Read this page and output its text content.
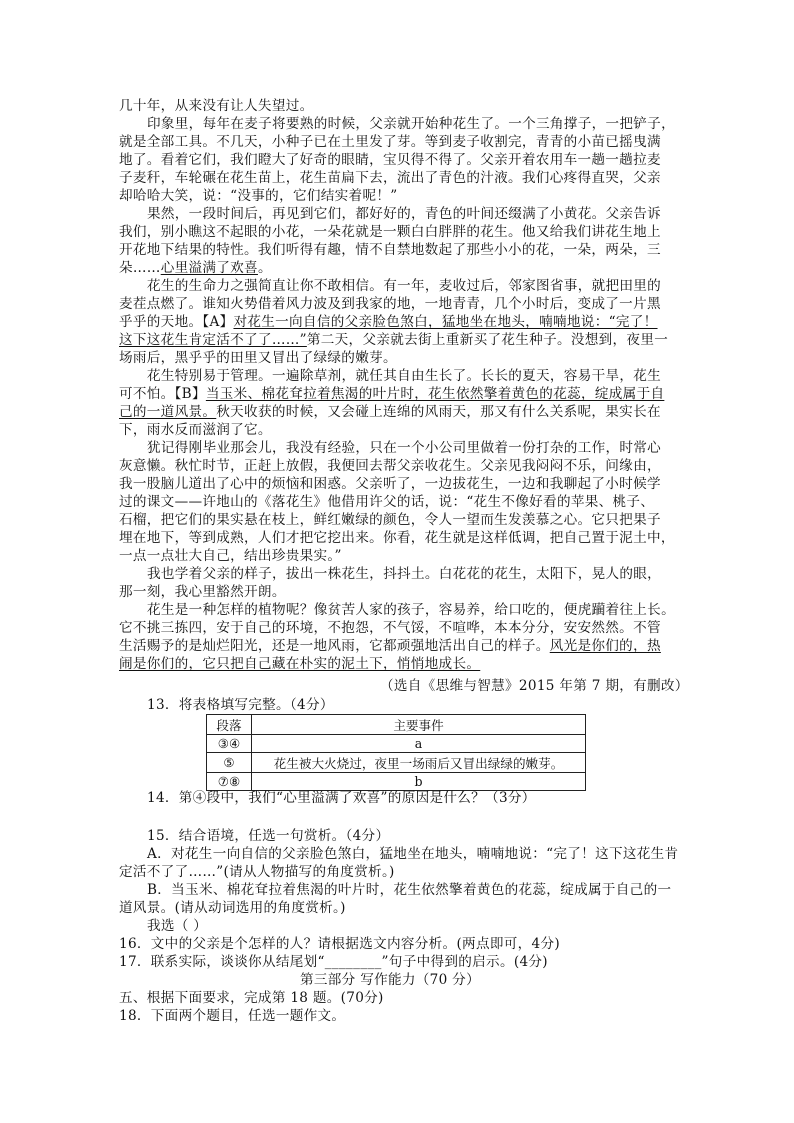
几十年，从来没有让人失望过。
印象里，每年在麦子将要熟的时候，父亲就开始种花生了。一个三角撑子，一把铲子，
就是全部工具。不几天，小种子已在土里发了芽。等到麦子收割完，青青的小苗已摇曳满
地了。看着它们，我们瞪大了好奇的眼睛，宝贝得不得了。父亲开着农用车一趟一趟拉麦
子麦秆，车轮碾在花生苗上，花生苗扁下去，流出了青色的汁液。我们心疼得直哭，父亲
却哈哈大笑，说：“没事的，它们结实着呢！”
果然，一段时间后，再见到它们，都好好的，青色的叶间还缀满了小黄花。父亲告诉
我们，别小瞧这不起眼的小花，一朵花就是一颗白白胖胖的花生。他又给我们讲花生地上
开花地下结果的特性。我们听得有趣，情不自禁地数起了那些小小的花，一朵，两朵，三
朵……心里溢满了欢喜。
花生的生命力之强简直让你不敢相信。有一年，麦收过后，邻家图省事，就把田里的
麦茬点燃了。谁知火势借着风力波及到我家的地，一地青青，几个小时后，变成了一片黑
乎乎的天地。【A】对花生一向自信的父亲脸色煞白，猛地坐在地头，喃喃地说：“完了！
这下这花生肯定活不了了……”第二天，父亲就去街上重新买了花生种子。没想到，夜里一
场雨后，黑乎乎的田里又冒出了绿绿的嫩芽。
花生特别易于管理。一遍除草剂，就任其自由生长了。长长的夏天，容易干旱，花生
可不怕。【B】当玉米、棉花耷拉着焦渴的叶片时，花生依然擎着黄色的花蕊，绽成属于自
己的一道风景。秋天收获的时候，又会碰上连绵的风雨天，那又有什么关系呢，果实长在
下，雨水反而滋润了它。
犹记得刚毕业那会儿，我没有经验，只在一个小公司里做着一份打杂的工作，时常心
灰意懒。秋忙时节，正赶上放假，我便回去帮父亲收花生。父亲见我闷闷不乐，问缘由，
我一股脑儿道出了心中的烦恼和困惑。父亲听了，一边拔花生，一边和我聊起了小时候学
过的课文——许地山的《落花生》他借用许父的话，说：“花生不像好看的苹果、桃子、
石榴，把它们的果实悬在枝上，鲜红嫩绿的颜色，令人一望而生发羡慕之心。它只把果子
埋在地下，等到成熟，人们才把它挖出来。你看，花生就是这样低调，把自己置于泥土中，
一点一点壮大自己，结出珍贵果实。”
我也学着父亲的样子，拔出一株花生，抖抖土。白花花的花生，太阳下，晃人的眼，
那一刻，我心里豁然开朗。
花生是一种怎样的植物呢？像贫苦人家的孩子，容易养，给口吃的，便虎躏着往上长。
它不挑三拣四，安于自己的环境，不抱怨，不气馁，不喧哗，本本分分，安安然然。不管
生活赐予的是灿烂阳光，还是一地风雨，它都顽强地活出自己的样子。风光是你们的，热
闹是你们的，它只把自己藏在朴实的泥土下，悄悄地成长。
（选自《思维与智慧》2015 年第 7 期，有删改）
13．将表格填写完整。（4分）
段落	主要事件
③④	a
⑤	花生被大火烧过，夜里一场雨后又冒出绿绿的嫩芽。
⑦⑧	b
14．第④段中，我们“心里溢满了欢喜”的原因是什么？（3分）
15．结合语境，任选一句赏析。（4分）
A．对花生一向自信的父亲脸色煞白，猛地坐在地头，喃喃地说：“完了！这下这花生肯
定活不了了……”(请从人物描写的角度赏析。)
B．当玉米、棉花耷拉着焦渴的叶片时，花生依然擎着黄色的花蕊，绽成属于自己的一
道风景。(请从动词选用的角度赏析。)
我选（ ）
16．文中的父亲是个怎样的人？请根据选文内容分析。(两点即可，4分)
17．联系实际，谈谈你从结尾划“________”句子中得到的启示。(4分)
第三部分 写作能力（70 分）
五、根据下面要求，完成第 18 题。(70分)
18．下面两个题目，任选一题作文。
